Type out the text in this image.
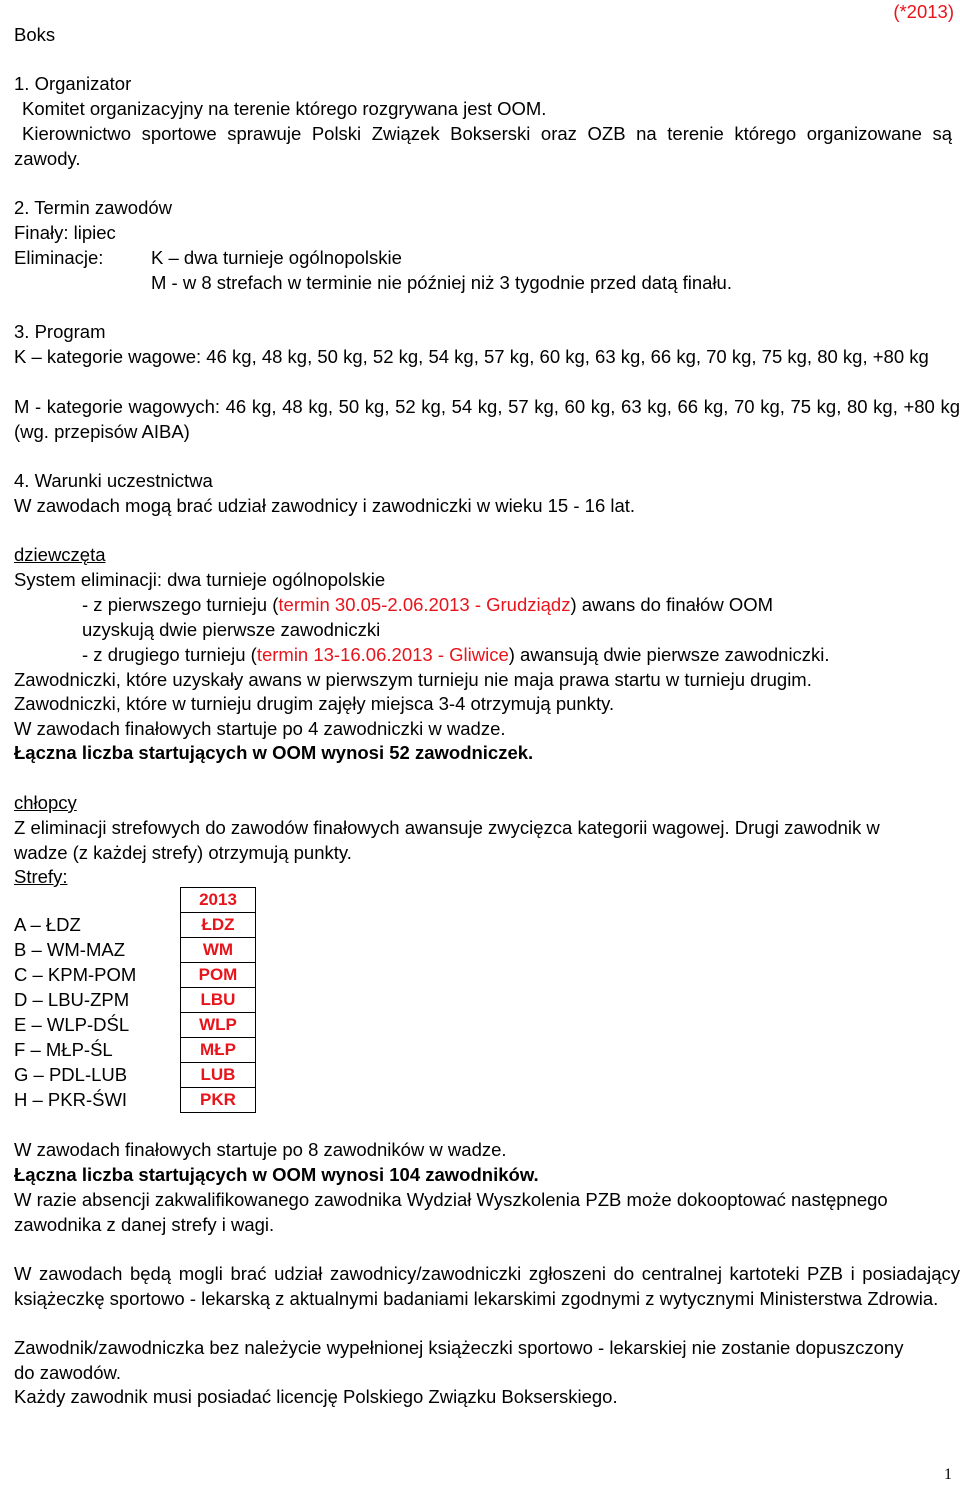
Boks
(*2013)
1. Organizator
Komitet organizacyjny na terenie którego rozgrywana jest OOM.
Kierownictwo sportowe sprawuje Polski Związek Bokserski oraz OZB na terenie którego organizowane są zawody.
2. Termin zawodów
Finały: lipiec
Eliminacje:	K – dwa turnieje ogólnopolskie
M - w 8 strefach w terminie nie później niż 3 tygodnie przed datą finału.
3. Program
K – kategorie wagowe: 46 kg, 48 kg, 50 kg, 52 kg, 54 kg, 57 kg, 60 kg, 63 kg, 66 kg, 70 kg, 75 kg, 80 kg, +80 kg
M - kategorie wagowych: 46 kg, 48 kg, 50 kg, 52 kg, 54 kg, 57 kg, 60 kg, 63 kg, 66 kg, 70 kg, 75 kg, 80 kg, +80 kg (wg. przepisów AIBA)
4. Warunki uczestnictwa
W zawodach mogą brać udział zawodnicy i zawodniczki w wieku 15 - 16 lat.
dziewczęta
System eliminacji: dwa turnieje ogólnopolskie
- z pierwszego turnieju (termin 30.05-2.06.2013 - Grudziądz) awans do finałów OOM
uzyskują dwie pierwsze zawodniczki
- z drugiego turnieju (termin 13-16.06.2013 - Gliwice) awansują dwie pierwsze zawodniczki.
Zawodniczki, które uzyskały awans w pierwszym turnieju nie maja prawa startu w turnieju drugim.
Zawodniczki, które w turnieju drugim zajęły miejsca 3-4 otrzymują punkty.
W zawodach finałowych startuje po 4 zawodniczki w wadze.
Łączna liczba startujących w OOM wynosi 52 zawodniczek.
chłopcy
Z eliminacji strefowych do zawodów finałowych awansuje zwycięzca kategorii wagowej. Drugi zawodnik w wadze (z każdej strefy) otrzymują punkty.
Strefy:
	2013
A – ŁDZ	ŁDZ
B – WM-MAZ	WM
C – KPM-POM	POM
D – LBU-ZPM	LBU
E – WLP-DŚL	WLP
F – MŁP-ŚL	MŁP
G – PDL-LUB	LUB
H – PKR-ŚWI	PKR
W zawodach finałowych startuje po 8 zawodników w wadze.
Łączna liczba startujących w OOM wynosi 104 zawodników.
W razie absencji zakwalifikowanego zawodnika Wydział Wyszkolenia PZB może dokooptować następnego zawodnika z danej strefy i wagi.
W zawodach będą mogli brać udział zawodnicy/zawodniczki zgłoszeni do centralnej kartoteki PZB i posiadający książeczkę sportowo - lekarską z aktualnymi badaniami lekarskimi zgodnymi z wytycznymi Ministerstwa Zdrowia.
Zawodnik/zawodniczka bez należycie wypełnionej książeczki sportowo - lekarskiej nie zostanie dopuszczony do zawodów.
Każdy zawodnik musi posiadać licencję Polskiego Związku Bokserskiego.
1
